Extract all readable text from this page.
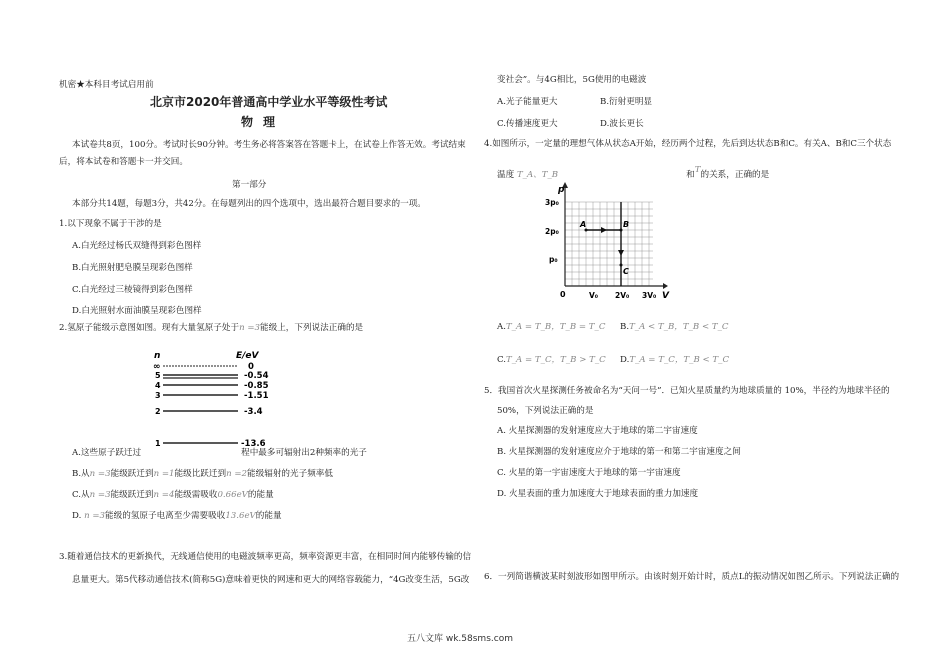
机密★本科目考试启用前
北京市2020年普通高中学业水平等级性考试
物理
本试卷共8页，100分。考试时长90分钟。考生务必将答案答在答题卡上，在试卷上作答无效。考试结束
后，将本试卷和答题卡一并交回。
第一部分
本部分共14题，每题3分，共42分。在每题列出的四个选项中，选出最符合题目要求的一项。
1.以下现象不属于干涉的是
A.白光经过杨氏双缝得到彩色图样
B.白光照射肥皂膜呈现彩色图样
C.白光经过三棱镜得到彩色图样
D.白光照射水面油膜呈现彩色图样
2.氢原子能级示意图如图。现有大量氢原子处于n =3能级上，下列说法正确的是
n	E/eV
∞
5
4
3
2
1
0
-0.54
-0.85
-1.51
-3.4
-13.6
A.这些原子跃迁过	程中最多可辐射出2种频率的光子
B.从n =3能级跃迁到n =1能级比跃迁到n =2能级辐射的光子频率低
C.从n =3能级跃迁到n =4能级需吸收0.66eV的能量
D. n =3能级的氢原子电离至少需要吸收13.6eV的能量
3.随着通信技术的更新换代，无线通信使用的电磁波频率更高，频率资源更丰富，在相同时间内能够传输的信
息量更大。第5代移动通信技术(简称5G)意味着更快的网速和更大的网络容载能力，“4G改变生活，5G改
变社会”。与4G相比，5G使用的电磁波
A.光子能量更大	B.衍射更明显
C.传播速度更大	D.波长更长
4.如图所示，一定量的理想气体从状态A开始，经历两个过程，先后到达状态B和C。有关A、B和C三个状态
温度 T_A、T_B	和T的关系，正确的是
p
V
3p₀
2p₀
p₀
0	V₀ 2V₀ 3V₀
A	B
C
A.T_A = T_B，T_B = T_C B.T_A < T_B，T_B < T_C
C.T_A = T_C，T_B > T_C D.T_A = T_C，T_B < T_C
5．我国首次火星探测任务被命名为“天问一号”．已知火星质量约为地球质量的 10%，半径约为地球半径的
50%，下列说法正确的是
A. 火星探测器的发射速度应大于地球的第二宇宙速度
B. 火星探测器的发射速度应介于地球的第一和第二宇宙速度之间
C. 火星的第一宇宙速度大于地球的第一宇宙速度
D. 火星表面的重力加速度大于地球表面的重力加速度
6．一列简谐横波某时刻波形如图甲所示。由该时刻开始计时，质点L的振动情况如图乙所示。下列说法正确的
五八文库 wk.58sms.com
